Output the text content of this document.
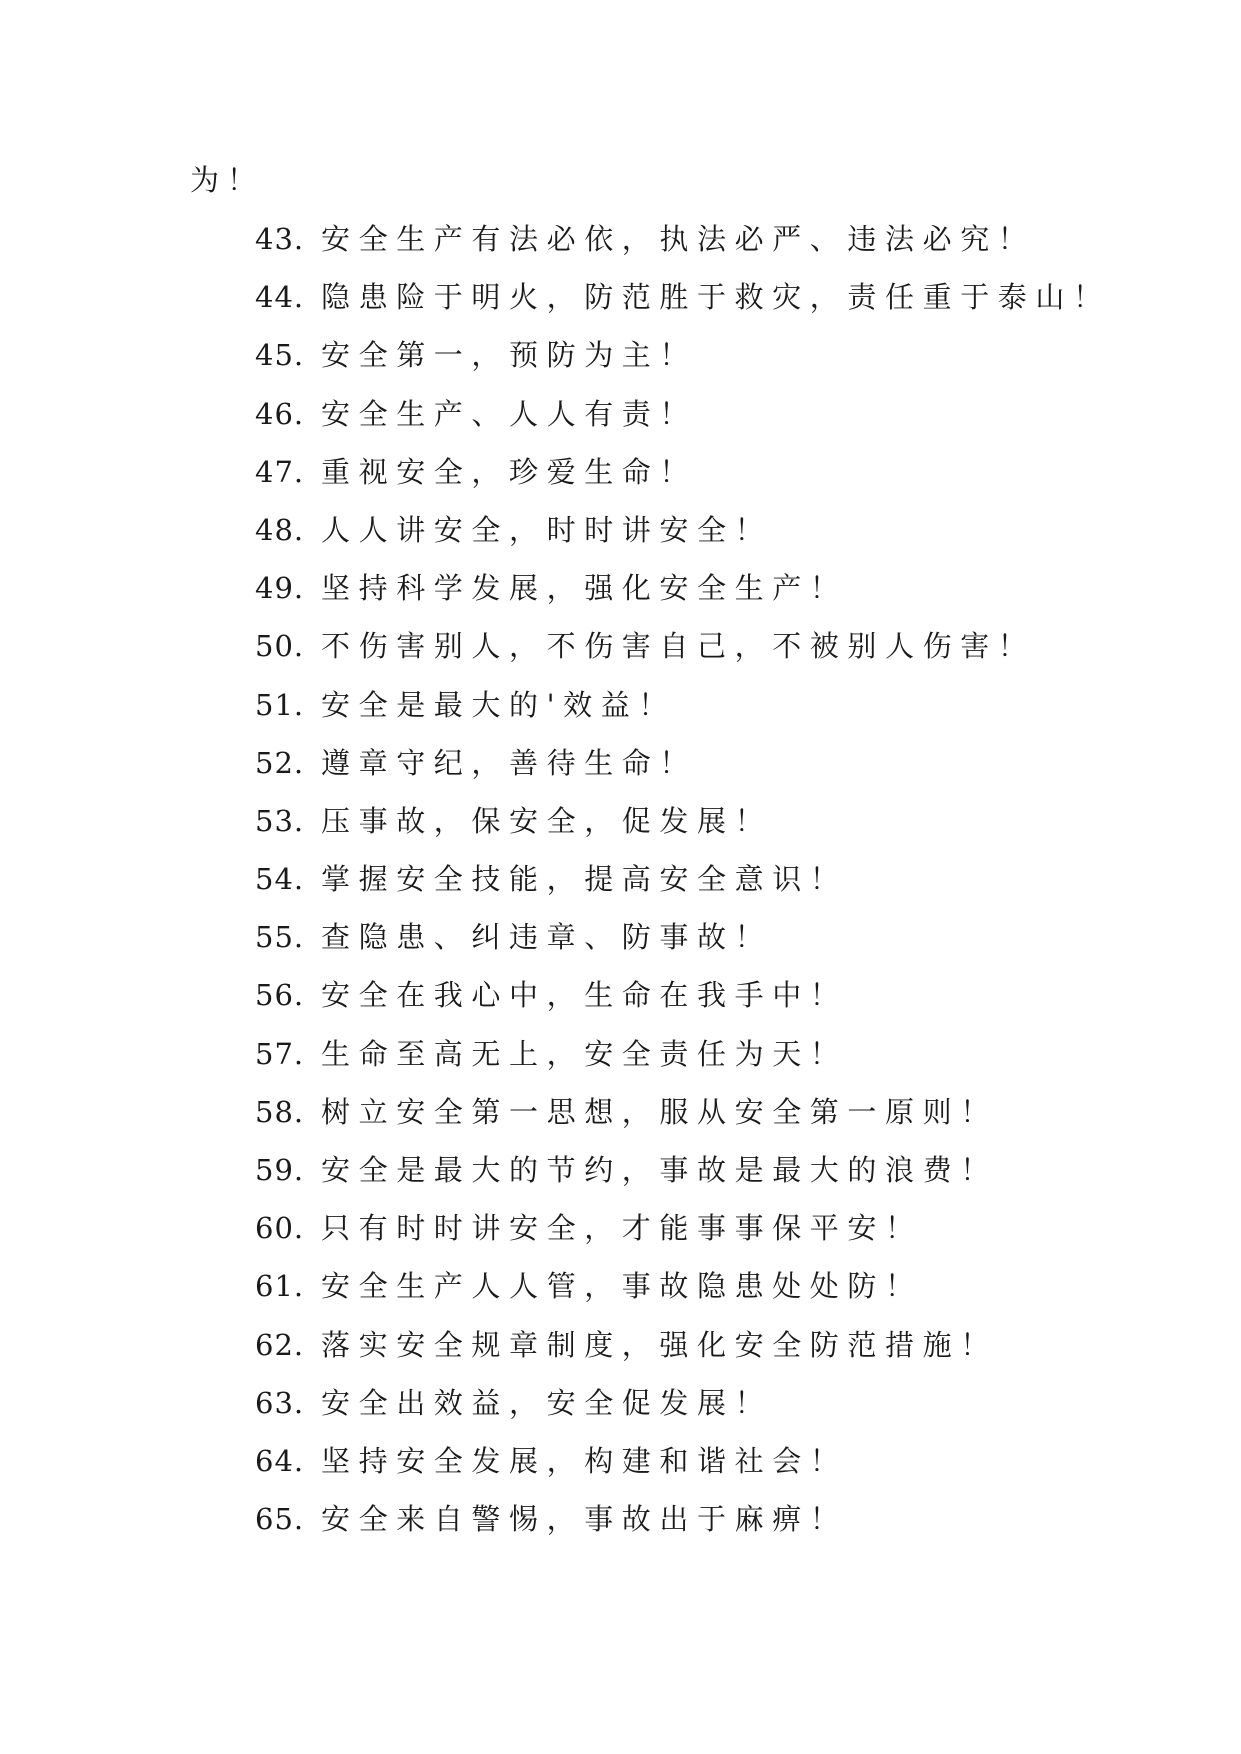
为！
43. 安全生产有法必依，执法必严、违法必究！
44. 隐患险于明火，防范胜于救灾，责任重于泰山！
45. 安全第一，预防为主！
46. 安全生产、人人有责！
47. 重视安全，珍爱生命！
48. 人人讲安全，时时讲安全！
49. 坚持科学发展，强化安全生产！
50. 不伤害别人，不伤害自己，不被别人伤害！
51. 安全是最大的'效益！
52. 遵章守纪，善待生命！
53. 压事故，保安全，促发展！
54. 掌握安全技能，提高安全意识！
55. 查隐患、纠违章、防事故！
56. 安全在我心中，生命在我手中！
57. 生命至高无上，安全责任为天！
58. 树立安全第一思想，服从安全第一原则！
59. 安全是最大的节约，事故是最大的浪费！
60. 只有时时讲安全，才能事事保平安！
61. 安全生产人人管，事故隐患处处防！
62. 落实安全规章制度，强化安全防范措施！
63. 安全出效益，安全促发展！
64. 坚持安全发展，构建和谐社会！
65. 安全来自警惕，事故出于麻痹！
